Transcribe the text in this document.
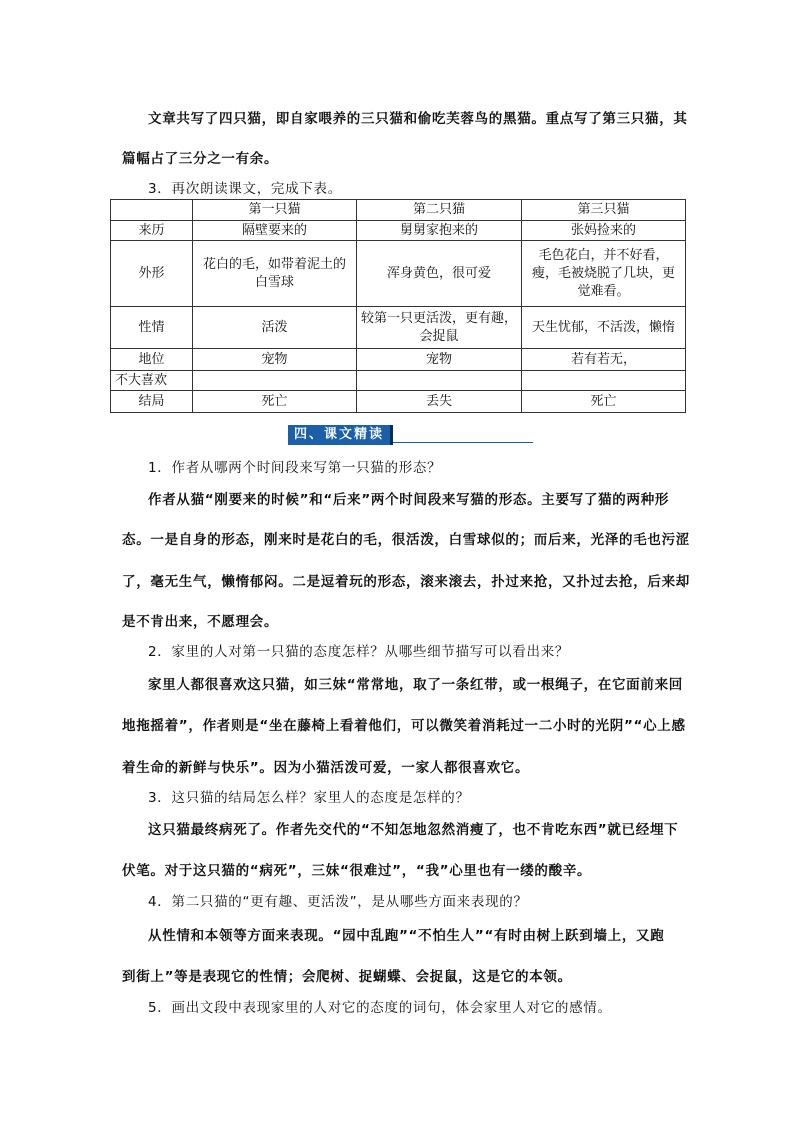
文章共写了四只猫，即自家喂养的三只猫和偷吃芙蓉鸟的黑猫。重点写了第三只猫，其
篇幅占了三分之一有余。
3．再次朗读课文，完成下表。
	第一只猫	第二只猫	第三只猫
来历	隔壁要来的	舅舅家抱来的	张妈捡来的
外形	花白的毛，如带着泥土的白雪球	浑身黄色，很可爱	毛色花白，并不好看，瘦，毛被烧脱了几块，更觉难看。
性情	活泼	较第一只更活泼，更有趣，会捉鼠	天生忧郁，不活泼，懒惰
地位	宠物	宠物	若有若无，
不大喜欢			
结局	死亡	丢失	死亡
四、课文精读
1．作者从哪两个时间段来写第一只猫的形态？
作者从猫“刚要来的时候”和“后来”两个时间段来写猫的形态。主要写了猫的两种形
态。一是自身的形态，刚来时是花白的毛，很活泼，白雪球似的；而后来，光泽的毛也污涩
了，毫无生气，懒惰郁闷。二是逗着玩的形态，滚来滚去，扑过来抢，又扑过去抢，后来却
是不肯出来，不愿理会。
2．家里的人对第一只猫的态度怎样？从哪些细节描写可以看出来？
家里人都很喜欢这只猫，如三妹“常常地，取了一条红带，或一根绳子，在它面前来回
地拖摇着”，作者则是“坐在藤椅上看着他们，可以微笑着消耗过一二小时的光阴”“心上感
着生命的新鲜与快乐”。因为小猫活泼可爱，一家人都很喜欢它。
3．这只猫的结局怎么样？家里人的态度是怎样的？
这只猫最终病死了。作者先交代的“不知怎地忽然消瘦了，也不肯吃东西”就已经埋下
伏笔。对于这只猫的“病死”，三妹“很难过”，“我”心里也有一缕的酸辛。
4．第二只猫的“更有趣、更活泼”，是从哪些方面来表现的？
从性情和本领等方面来表现。“园中乱跑”“不怕生人”“有时由树上跃到墙上，又跑
到街上”等是表现它的性情；会爬树、捉蝴蝶、会捉鼠，这是它的本领。
5．画出文段中表现家里的人对它的态度的词句，体会家里人对它的感情。
